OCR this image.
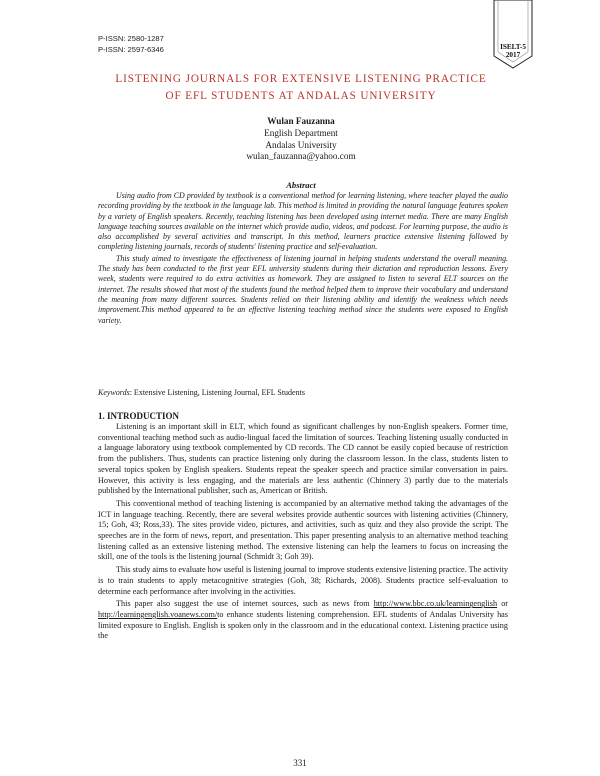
P-ISSN: 2580-1287
P-ISSN: 2597-6346	ISELT-5
2017
LISTENING JOURNALS FOR EXTENSIVE LISTENING PRACTICE
OF EFL STUDENTS AT ANDALAS UNIVERSITY
Wulan Fauzanna
English Department
Andalas University
wulan_fauzanna@yahoo.com
Abstract

Using audio from CD provided by textbook is a conventional method for learning listening, where teacher played the audio recording providing by the textbook in the language lab. This method is limited in providing the natural language features spoken by a variety of English speakers. Recently, teaching listening has been developed using internet media. There are many English language teaching sources available on the internet which provide audio, videos, and podcast. For learning purpose, the audio is also accomplished by several activities and transcript. In this method, learners practice extensive listening followed by completing listening journals, records of students' listening practice and self-evaluation.

This study aimed to investigate the effectiveness of listening journal in helping students understand the overall meaning. The study has been conducted to the first year EFL university students during their dictation and reproduction lessons. Every week, students were required to do extra activities as homework. They are assigned to listen to several ELT sources on the internet. The results showed that most of the students found the method helped them to improve their vocabulary and understand the meaning from many different sources. Students relied on their listening ability and identify the weakness which needs improvement.This method appeared to be an effective listening teaching method since the students were exposed to English variety.

Keywords: Extensive Listening, Listening Journal, EFL Students
1. INTRODUCTION

Listening is an important skill in ELT, which found as significant challenges by non-English speakers. Former time, conventional teaching method such as audio-lingual faced the limitation of sources. Teaching listening usually conducted in a language laboratory using textbook complemented by CD records. The CD cannot be easily copied because of restriction from the publishers. Thus, students can practice listening only during the classroom lesson. In the class, students listen to several topics spoken by English speakers. Students repeat the speaker speech and practice similar conversation in pairs. However, this activity is less engaging, and the materials are less authentic (Chinnery 3) partly due to the materials published by the International publisher, such as, American or British.

This conventional method of teaching listening is accompanied by an alternative method taking the advantages of the ICT in language teaching. Recently, there are several websites provide authentic sources with listening activities (Chinnery, 15; Goh, 43; Ross,33). The sites provide video, pictures, and activities, such as quiz and they also provide the script. The speeches are in the form of news, report, and presentation. This paper presenting analysis to an alternative method teaching listening called as an extensive listening method. The extensive listening can help the learners to focus on increasing the skill, one of the tools is the listening journal (Schmidt 3; Goh 39).

This study aims to evaluate how useful is listening journal to improve students extensive listening practice. The activity is to train students to apply metacognitive strategies (Goh, 38; Richards, 2008). Students practice self-evaluation to determine each performance after involving in the activities.

This paper also suggest the use of internet sources, such as news from http://www.bbc.co.uk/learningenglish or http://learningenglish.voanews.com/to enhance students listening comprehension. EFL students of Andalas University has limited exposure to English. English is spoken only in the classroom and in the educational context. Listening practice using the

331
